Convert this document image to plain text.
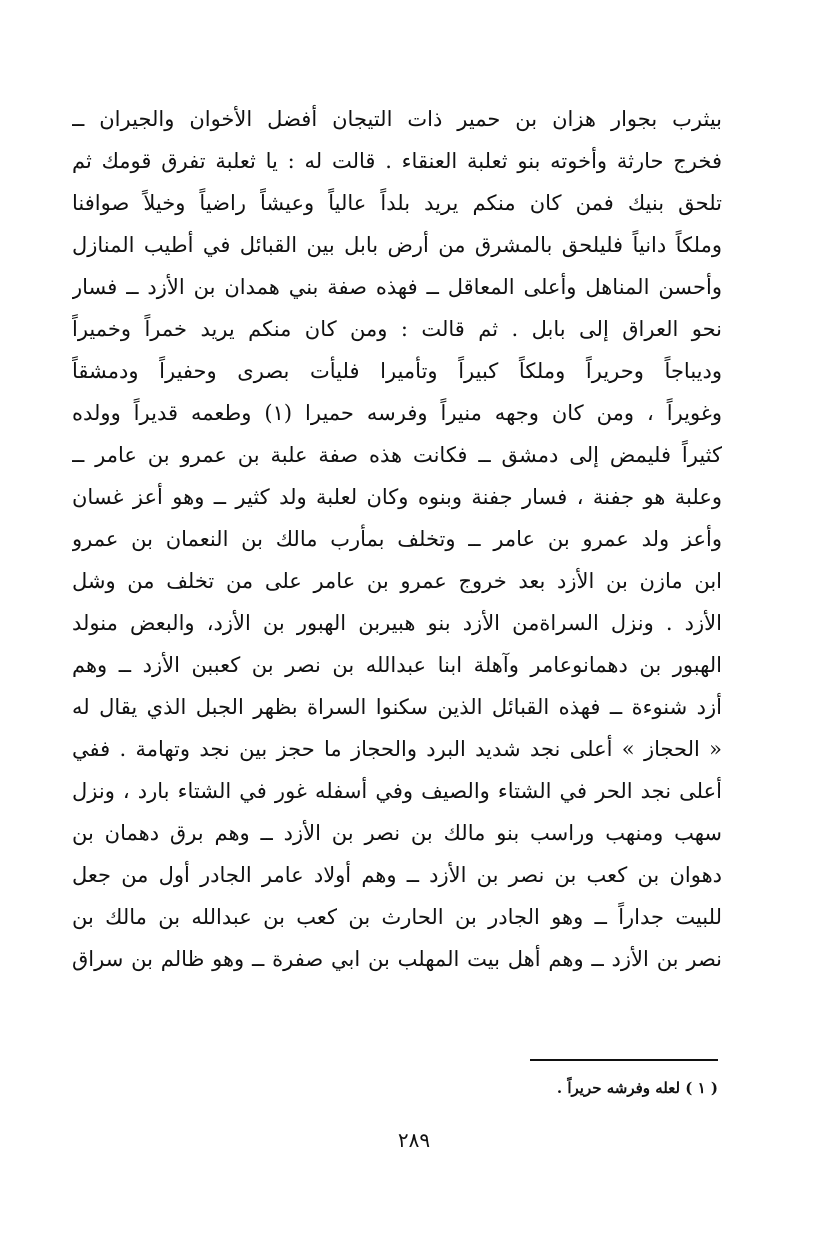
بيثرب بجوار هزان بن حمير ذات التيجان أفضل الأخوان والجيران ــ
فخرج حارثة وأخوته بنو ثعلبة العنقاء . قالت له : يا ثعلبة تفرق قومك ثم
تلحق بنيك فمن كان منكم يريد بلداً عالياً وعيشاً راضياً وخيلاً صوافنا
وملكاً دانياً فليلحق بالمشرق من أرض بابل بين القبائل في أطيب المنازل
وأحسن المناهل وأعلى المعاقل ــ فهذه صفة بني همدان بن الأزد ــ فسار
نحو العراق إلى بابل . ثم قالت : ومن كان منكم يريد خمراً وخميراً
وديباجاً وحريراً وملكاً كبيراً وتأميرا فليأت بصرى وحفيراً ودمشقاً
وغويراً ، ومن كان وجهه منيراً وفرسه حميرا (١) وطعمه قديراً وولده
كثيراً فليمض إلى دمشق ــ فكانت هذه صفة علبة بن عمرو بن عامر ــ
وعلبة هو جفنة ، فسار جفنة وبنوه وكان لعلبة ولد كثير ــ وهو أعز غسان
وأعز ولد عمرو بن عامر ــ وتخلف بمأرب مالك بن النعمان بن عمرو
ابن مازن بن الأزد بعد خروج عمرو بن عامر على من تخلف من وشل
الأزد . ونزل السراةمن الأزد بنو هبيربن الهبور بن الأزد، والبعض منولد
الهبور بن دهمانوعامر وآهلة ابنا عبدالله بن نصر بن كعببن الأزد ــ وهم
أزد شنوءة ــ فهذه القبائل الذين سكنوا السراة بظهر الجبل الذي يقال له
« الحجاز » أعلى نجد شديد البرد والحجاز ما حجز بين نجد وتهامة . ففي
أعلى نجد الحر في الشتاء والصيف وفي أسفله غور في الشتاء بارد ، ونزل
سهب ومنهب وراسب بنو مالك بن نصر بن الأزد ــ وهم برق دهمان بن
دهوان بن كعب بن نصر بن الأزد ــ وهم أولاد عامر الجادر أول من جعل
للبيت جداراً ــ وهو الجادر بن الحارث بن كعب بن عبدالله بن مالك بن
نصر بن الأزد ــ وهم أهل بيت المهلب بن ابي صفرة ــ وهو ظالم بن سراق
( ١ ) لعله وفرشه حريراً .
٢٨٩
